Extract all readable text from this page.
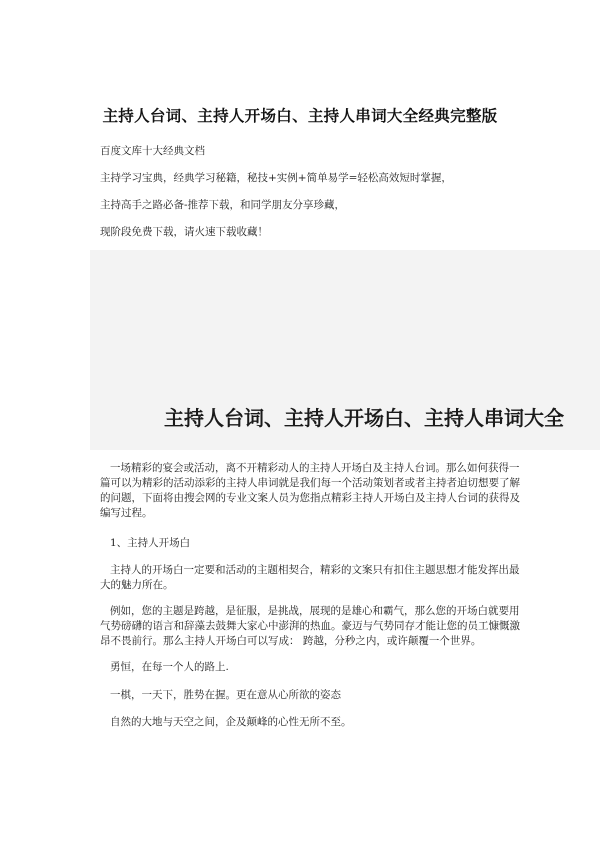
主持人台词、主持人开场白、主持人串词大全经典完整版

百度文库十大经典文档

主持学习宝典，经典学习秘籍，秘技+实例+简单易学=轻松高效短时掌握，

主持高手之路必备-推荐下载，和同学朋友分享珍藏，

现阶段免费下载，请火速下载收藏！

主持人台词、主持人开场白、主持人串词大全

一场精彩的宴会或活动，离不开精彩动人的主持人开场白及主持人台词。那么如何获得一篇可以为精彩的活动添彩的主持人串词就是我们每一个活动策划者或者主持者迫切想要了解的问题，下面将由搜会网的专业文案人员为您指点精彩主持人开场白及主持人台词的获得及编写过程。

1、主持人开场白

主持人的开场白一定要和活动的主题相契合，精彩的文案只有扣住主题思想才能发挥出最大的魅力所在。

例如，您的主题是跨越，是征服，是挑战，展现的是雄心和霸气，那么您的开场白就要用气势磅礴的语言和辞藻去鼓舞大家心中澎湃的热血。豪迈与气势同存才能让您的员工慷慨激昂不畏前行。那么主持人开场白可以写成： 跨越，分秒之内，或许颠覆一个世界。

勇恒，在每一个人的路上.

一棋，一天下，胜势在握。更在意从心所欲的姿态

自然的大地与天空之间，企及颠峰的心性无所不至。
